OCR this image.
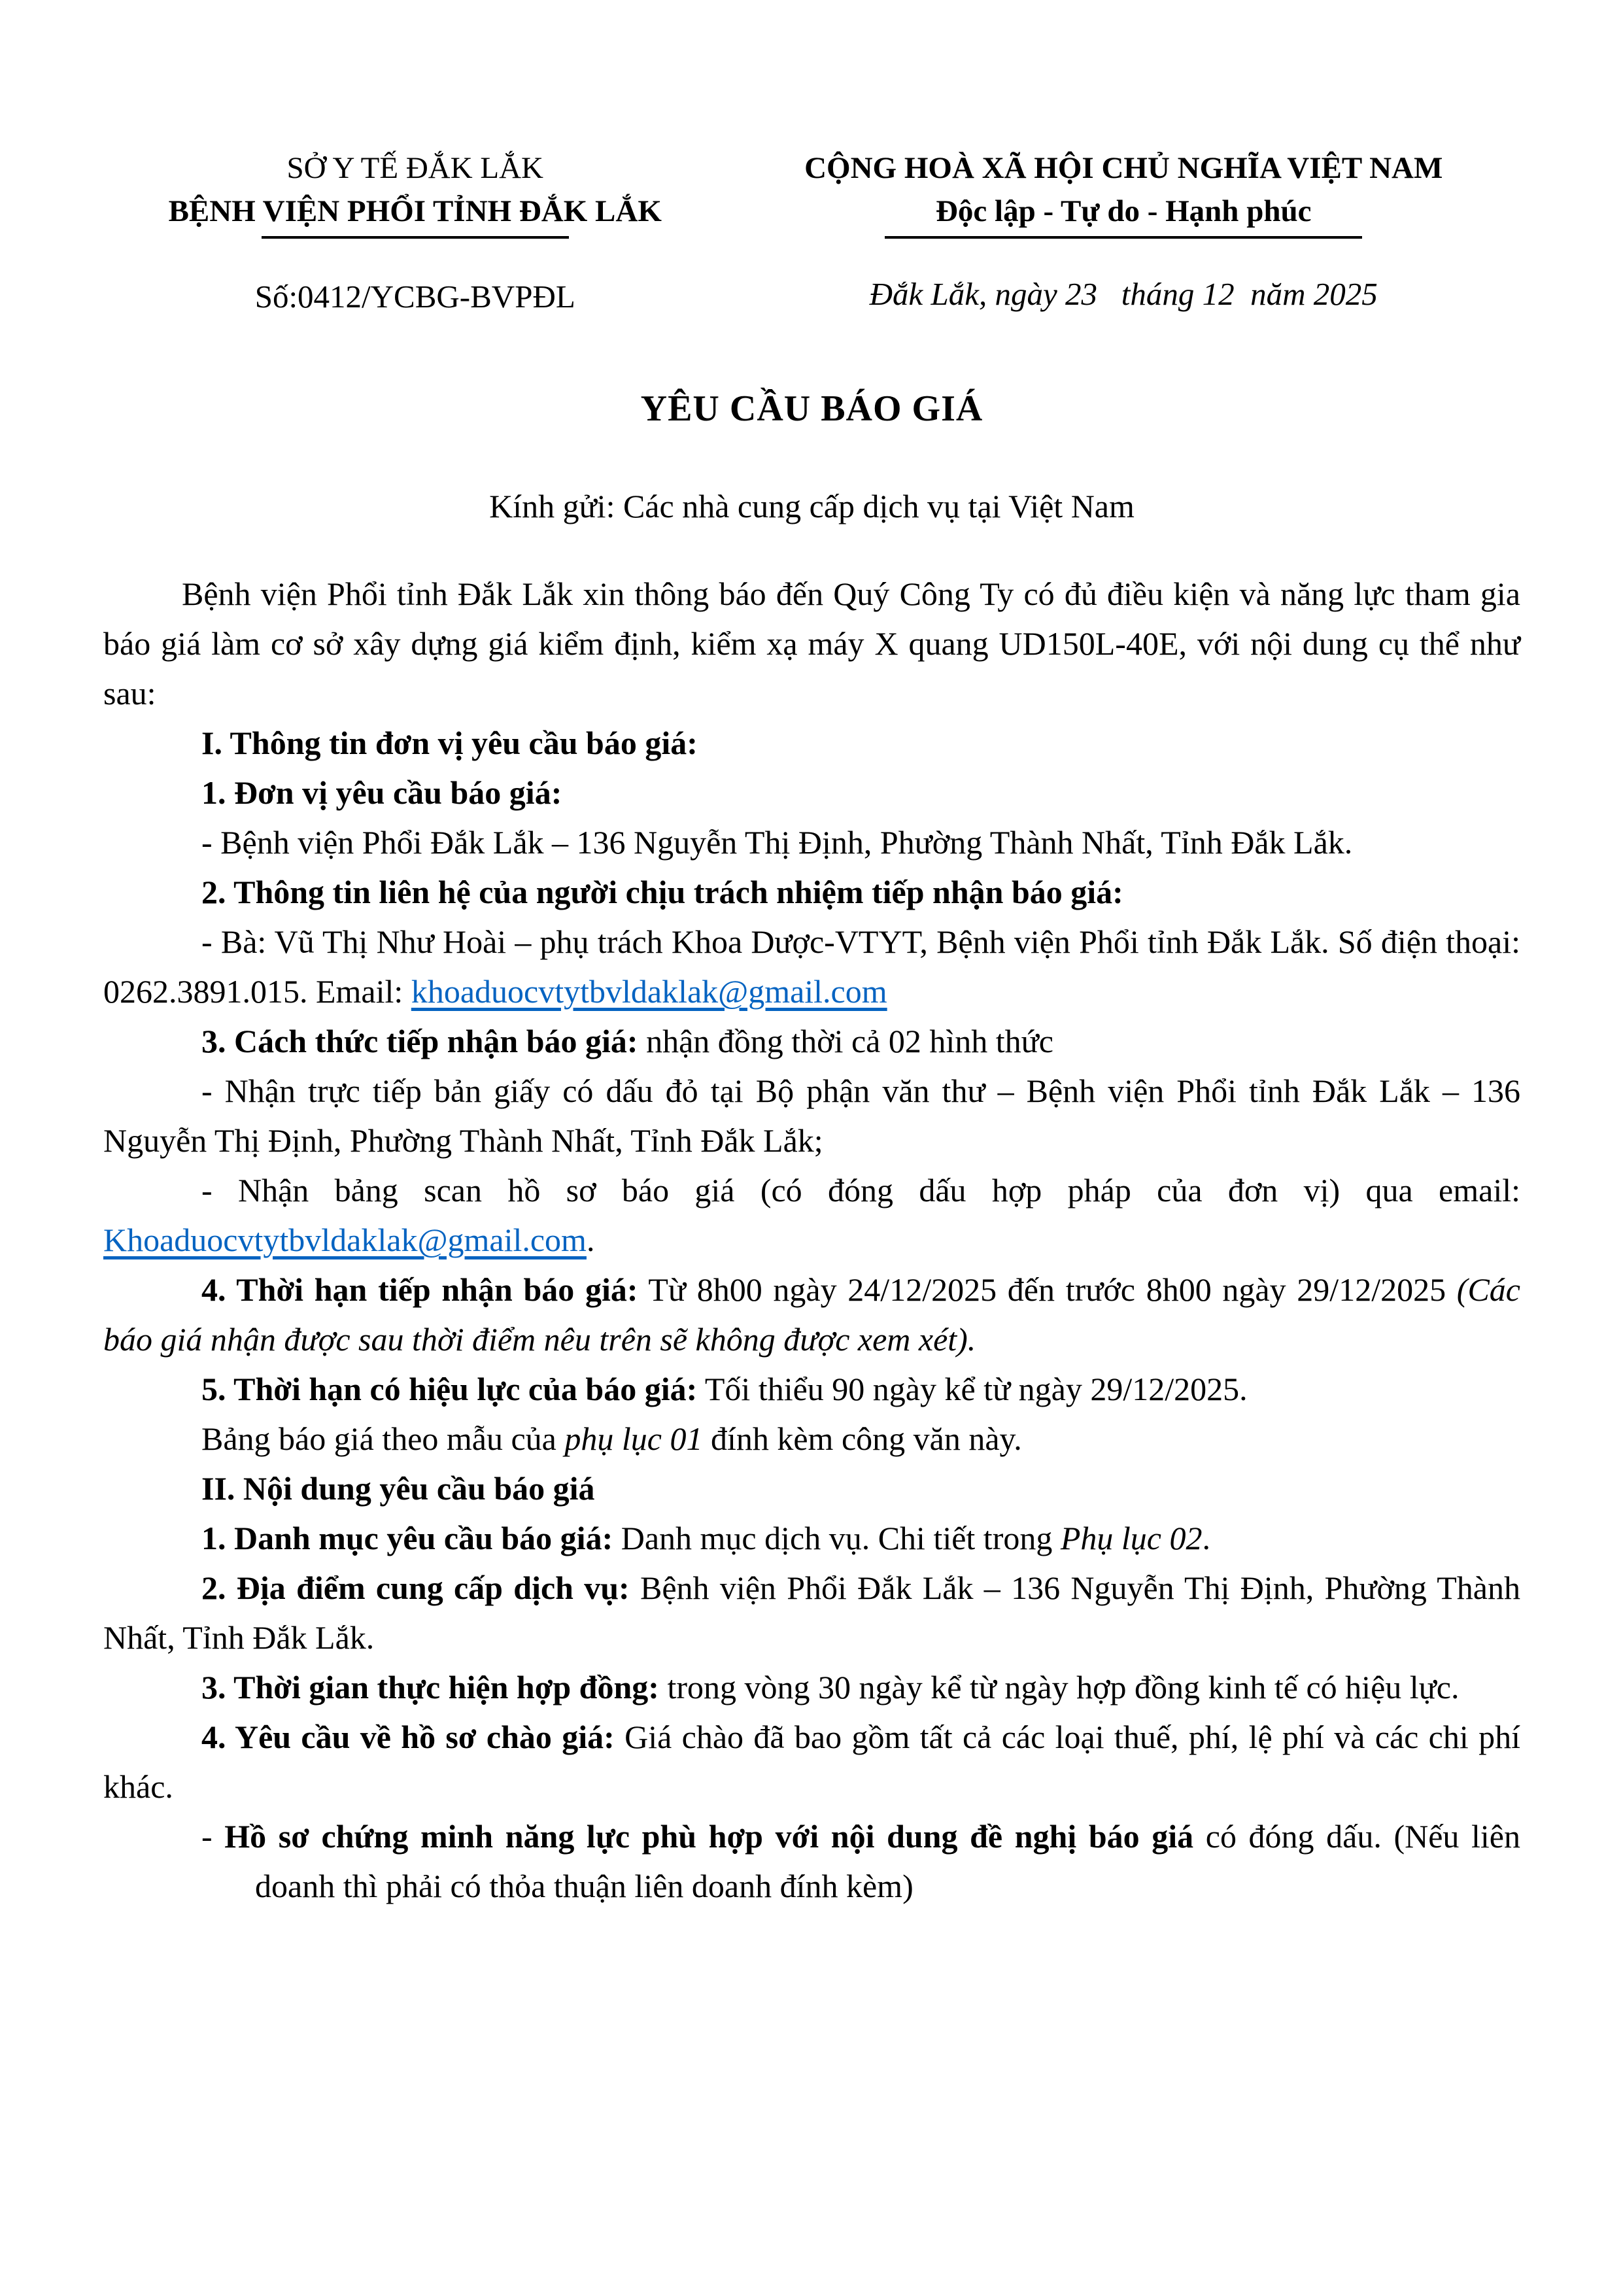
SỞ Y TẾ ĐẮK LẮK
BỆNH VIỆN PHỔI TỈNH ĐẮK LẮK
Số:0412/YCBG-BVPĐL
CỘNG HOÀ XÃ HỘI CHỦ NGHĨA VIỆT NAM
Độc lập - Tự do - Hạnh phúc
Đắk Lắk, ngày 23   tháng 12  năm 2025
YÊU CẦU BÁO GIÁ
Kính gửi: Các nhà cung cấp dịch vụ tại Việt Nam

Bệnh viện Phổi tỉnh Đắk Lắk xin thông báo đến Quý Công Ty có đủ điều kiện và năng lực tham gia báo giá làm cơ sở xây dựng giá kiểm định, kiểm xạ máy X quang UD150L-40E, với nội dung cụ thể như sau:

I. Thông tin đơn vị yêu cầu báo giá:

1. Đơn vị yêu cầu báo giá:

- Bệnh viện Phổi Đắk Lắk – 136 Nguyễn Thị Định, Phường Thành Nhất, Tỉnh Đắk Lắk.

2. Thông tin liên hệ của người chịu trách nhiệm tiếp nhận báo giá:

- Bà: Vũ Thị Như Hoài – phụ trách Khoa Dược-VTYT, Bệnh viện Phổi tỉnh Đắk Lắk. Số điện thoại: 0262.3891.015. Email: khoaduocvtytbvldaklak@gmail.com

3. Cách thức tiếp nhận báo giá: nhận đồng thời cả 02 hình thức

- Nhận trực tiếp bản giấy có dấu đỏ tại Bộ phận văn thư – Bệnh viện Phổi tỉnh Đắk Lắk – 136 Nguyễn Thị Định, Phường Thành Nhất, Tỉnh Đắk Lắk;

- Nhận bảng scan hồ sơ báo giá (có đóng dấu hợp pháp của đơn vị) qua email: Khoaduocvtytbvldaklak@gmail.com.

4. Thời hạn tiếp nhận báo giá: Từ 8h00 ngày 24/12/2025 đến trước 8h00 ngày 29/12/2025 (Các báo giá nhận được sau thời điểm nêu trên sẽ không được xem xét).

5. Thời hạn có hiệu lực của báo giá: Tối thiểu 90 ngày kể từ ngày 29/12/2025.

Bảng báo giá theo mẫu của phụ lục 01 đính kèm công văn này.

II. Nội dung yêu cầu báo giá

1. Danh mục yêu cầu báo giá: Danh mục dịch vụ. Chi tiết trong Phụ lục 02.

2. Địa điểm cung cấp dịch vụ: Bệnh viện Phổi Đắk Lắk – 136 Nguyễn Thị Định, Phường Thành Nhất, Tỉnh Đắk Lắk.

3. Thời gian thực hiện hợp đồng: trong vòng 30 ngày kể từ ngày hợp đồng kinh tế có hiệu lực.

4. Yêu cầu về hồ sơ chào giá: Giá chào đã bao gồm tất cả các loại thuế, phí, lệ phí và các chi phí khác.

- Hồ sơ chứng minh năng lực phù hợp với nội dung đề nghị báo giá có đóng dấu. (Nếu liên doanh thì phải có thỏa thuận liên doanh đính kèm)
